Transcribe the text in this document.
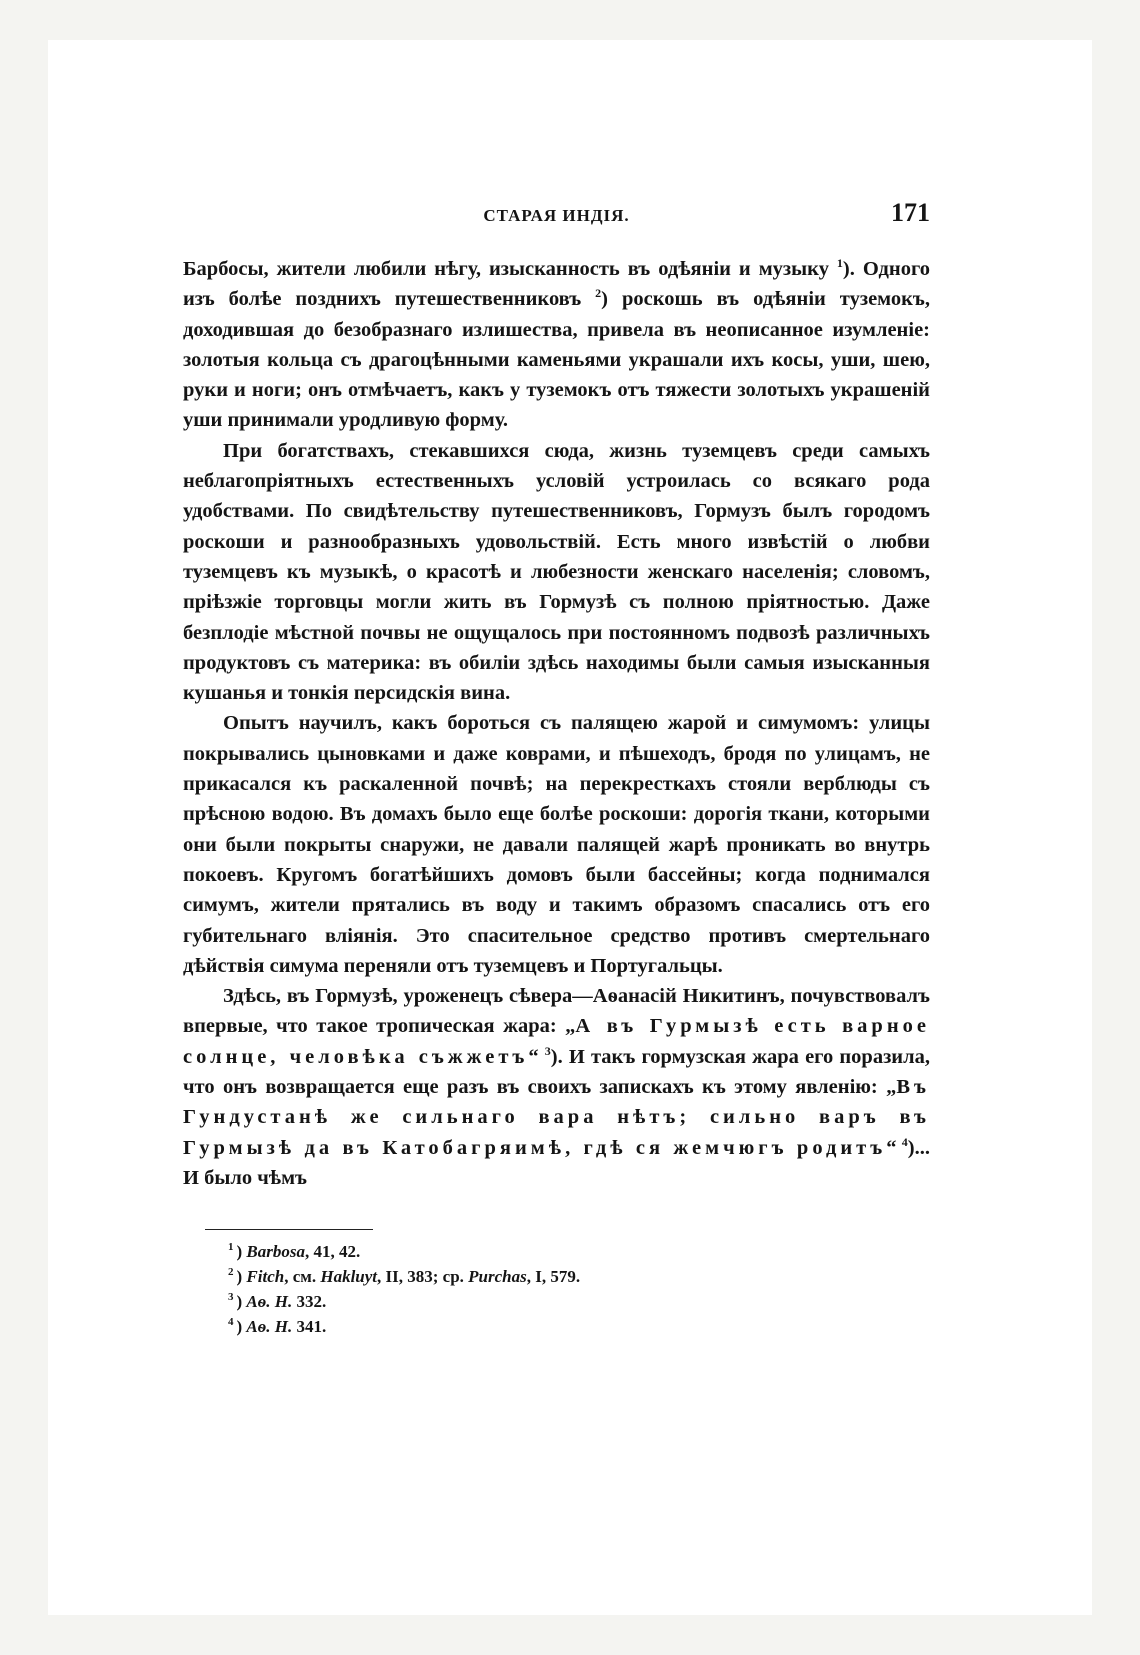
СТАРАЯ ИНДІЯ.	171

Барбосы, жители любили нѣгу, изысканность въ одѣяніи и музыку $^1$). Одного изъ болѣе позднихъ путешественниковъ $^2$) роскошь въ одѣяніи туземокъ, доходившая до безобразнаго излишества, привела въ неописанное изумленіе: золотыя кольца съ драгоцѣнными каменьями украшали ихъ косы, уши, шею, руки и ноги; онъ отмѣчаетъ, какъ у туземокъ отъ тяжести золотыхъ украшеній уши принимали уродливую форму.

При богатствахъ, стекавшихся сюда, жизнь туземцевъ среди самыхъ неблагопріятныхъ естественныхъ условій устроилась со всякаго рода удобствами. По свидѣтельству путешественниковъ, Гормузъ былъ городомъ роскоши и разнообразныхъ удовольствій. Есть много извѣстій о любви туземцевъ къ музыкѣ, о красотѣ и любезности женскаго населенія; словомъ, пріѣзжіе торговцы могли жить въ Гормузѣ съ полною пріятностью. Даже безплодіе мѣстной почвы не ощущалось при постоянномъ подвозѣ различныхъ продуктовъ съ материка: въ обиліи здѣсь находимы были самыя изысканныя кушанья и тонкія персидскія вина.

Опытъ научилъ, какъ бороться съ палящею жарой и симумомъ: улицы покрывались цыновками и даже коврами, и пѣшеходъ, бродя по улицамъ, не прикасался къ раскаленной почвѣ; на перекресткахъ стояли верблюды съ прѣсною водою. Въ домахъ было еще болѣе роскоши: дорогія ткани, которыми они были покрыты снаружи, не давали палящей жарѣ проникать во внутрь покоевъ. Кругомъ богатѣйшихъ домовъ были бассейны; когда поднимался симумъ, жители прятались въ воду и такимъ образомъ спасались отъ его губительнаго вліянія. Это спасительное средство противъ смертельнаго дѣйствія симума переняли отъ туземцевъ и Португальцы.

Здѣсь, въ Гормузѣ, уроженецъ сѣвера—Аѳанасій Никитинъ, почувствовалъ впервые, что такое тропическая жара: „А въ Гурмызѣ есть варное солнце, человѣка съжжетъ“ $^3$). И такъ гормузская жара его поразила, что онъ возвращается еще разъ въ своихъ запискахъ къ этому явленію: „Въ Гундустанѣ же сильнаго вара нѣтъ; сильно варъ въ Гурмызѣ да въ Катобагряимѣ, гдѣ ся жемчюгъ родитъ“ $^4$)... И было чѣмъ

$^1$ ) Barbosa, 41, 42.
$^2$ ) Fitch, см. Hakluyt, II, 383; ср. Purchas, I, 579.
$^3$ ) Аѳ. Н. 332.
$^4$ ) Аѳ. Н. 341.
